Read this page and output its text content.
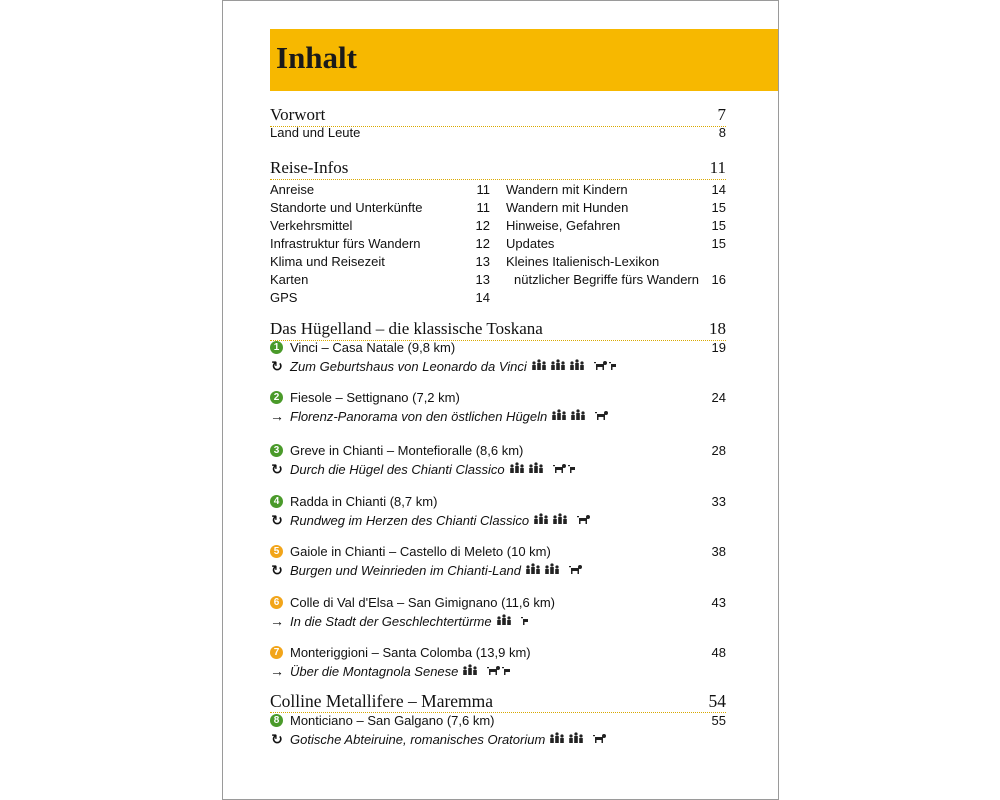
Inhalt
Vorwort	7
Land und Leute	8
Reise-Infos	11
Anreise	11
Standorte und Unterkünfte	11
Verkehrsmittel	12
Infrastruktur fürs Wandern	12
Klima und Reisezeit	13
Karten	13
GPS	14
Wandern mit Kindern	14
Wandern mit Hunden	15
Hinweise, Gefahren	15
Updates	15
Kleines Italienisch-Lexikon
nützlicher Begriffe fürs Wandern 16
Das Hügelland – die klassische Toskana	18
1 Vinci – Casa Natale (9,8 km)	19
↻ Zum Geburtshaus von Leonardo da Vinci
2 Fiesole – Settignano (7,2 km)	24
→ Florenz-Panorama von den östlichen Hügeln
3 Greve in Chianti – Montefioralle (8,6 km)	28
↻ Durch die Hügel des Chianti Classico
4 Radda in Chianti (8,7 km)	33
↻ Rundweg im Herzen des Chianti Classico
5 Gaiole in Chianti – Castello di Meleto (10 km)	38
↻ Burgen und Weinrieden im Chianti-Land
6 Colle di Val d'Elsa – San Gimignano (11,6 km)	43
→ In die Stadt der Geschlechtertürme
7 Monteriggioni – Santa Colomba (13,9 km)	48
→ Über die Montagnola Senese
Colline Metallifere – Maremma	54
8 Monticiano – San Galgano (7,6 km)	55
↻ Gotische Abteiruine, romanisches Oratorium
